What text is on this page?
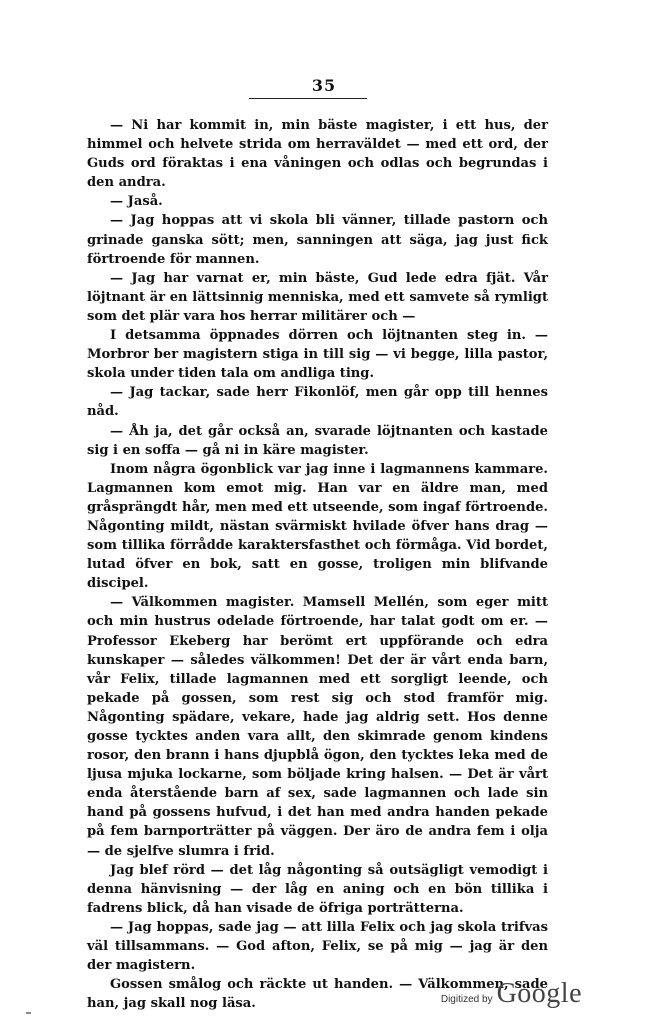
35

— Ni har kommit in, min bäste magister, i ett hus, der himmel och helvete strida om herraväldet — med ett ord, der Guds ord föraktas i ena våningen och odlas och begrundas i den andra.

— Jaså.

— Jag hoppas att vi skola bli vänner, tillade pastorn och grinade ganska sött; men, sanningen att säga, jag just fick förtroende för mannen.

— Jag har varnat er, min bäste, Gud lede edra fjät. Vår löjtnant är en lättsinnig menniska, med ett samvete så rymligt som det plär vara hos herrar militärer och —

I detsamma öppnades dörren och löjtnanten steg in. — Morbror ber magistern stiga in till sig — vi begge, lilla pastor, skola under tiden tala om andliga ting.

— Jag tackar, sade herr Fikonlöf, men går opp till hennes nåd.

— Åh ja, det går också an, svarade löjtnanten och kastade sig i en soffa — gå ni in käre magister.

Inom några ögonblick var jag inne i lagmannens kammare. Lagmannen kom emot mig. Han var en äldre man, med gråsprängdt hår, men med ett utseende, som ingaf förtroende. Någonting mildt, nästan svärmiskt hvilade öfver hans drag — som tillika förrådde karaktersfasthet och förmåga. Vid bordet, lutad öfver en bok, satt en gosse, troligen min blifvande discipel.

— Välkommen magister. Mamsell Mellén, som eger mitt och min hustrus odelade förtroende, har talat godt om er. — Professor Ekeberg har berömt ert uppförande och edra kunskaper — således välkommen! Det der är vårt enda barn, vår Felix, tillade lagmannen med ett sorgligt leende, och pekade på gossen, som rest sig och stod framför mig. Någonting spädare, vekare, hade jag aldrig sett. Hos denne gosse tycktes anden vara allt, den skimrade genom kindens rosor, den brann i hans djupblå ögon, den tycktes leka med de ljusa mjuka lockarne, som böljade kring halsen. — Det är vårt enda återstående barn af sex, sade lagmannen och lade sin hand på gossens hufvud, i det han med andra handen pekade på fem barnporträtter på väggen. Der äro de andra fem i olja — de sjelfve slumra i frid.

Jag blef rörd — det låg någonting så outsägligt vemodigt i denna hänvisning — der låg en aning och en bön tillika i fadrens blick, då han visade de öfriga porträtterna.

— Jag hoppas, sade jag — att lilla Felix och jag skola trifvas väl tillsammans. — God afton, Felix, se på mig — jag är den der magistern.

Gossen smålog och räckte ut handen. — Välkommen, sade han, jag skall nog läsa.	Digitized by Google
